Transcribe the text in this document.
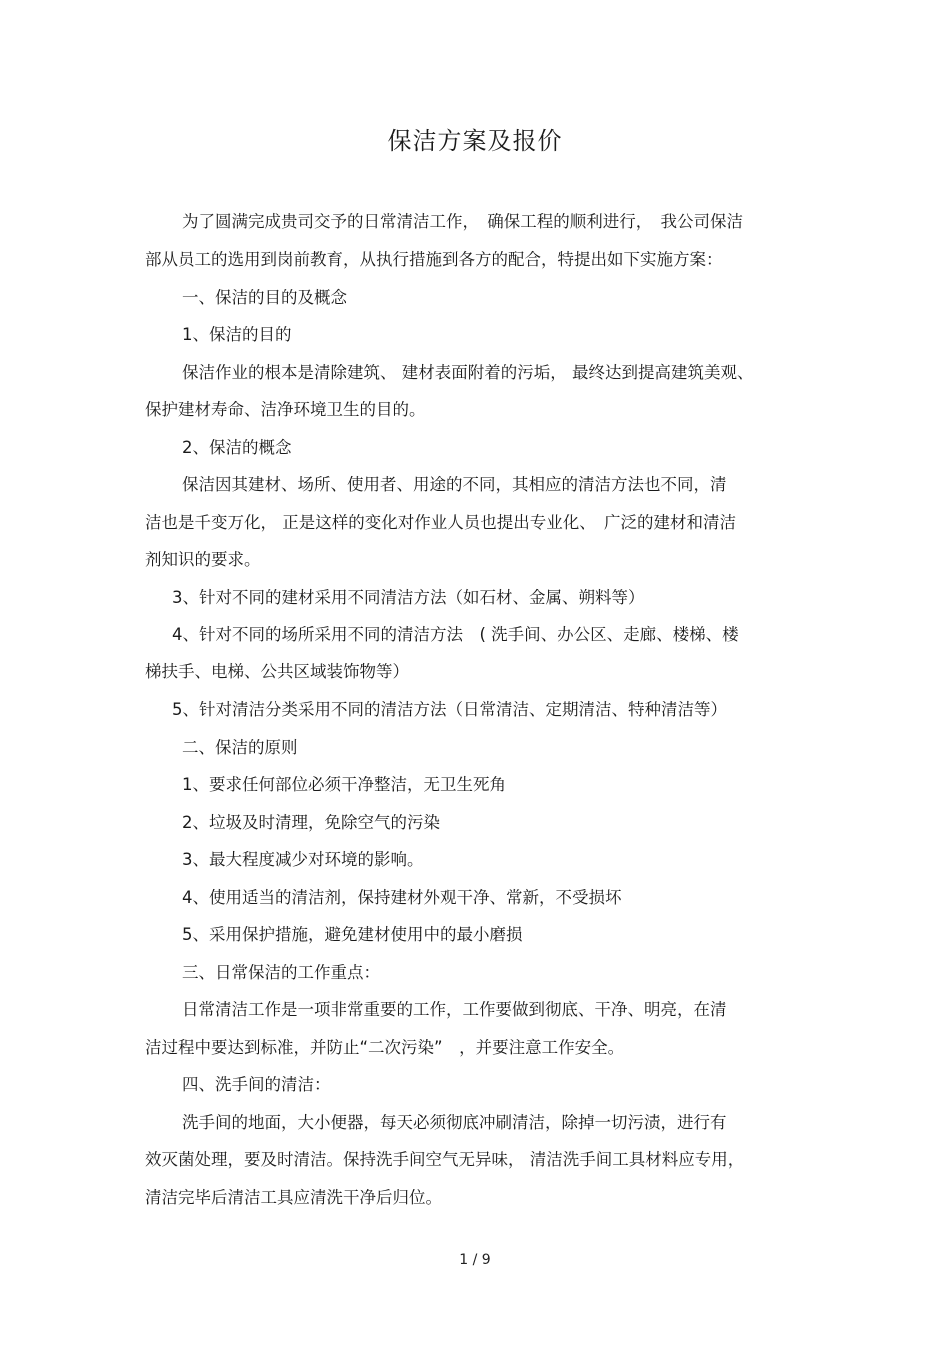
保洁方案及报价

为了圆满完成贵司交予的日常清洁工作，　确保工程的顺利进行，　我公司保洁

部从员工的选用到岗前教育，从执行措施到各方的配合，特提出如下实施方案：

一、保洁的目的及概念

1、保洁的目的

保洁作业的根本是清除建筑、 建材表面附着的污垢， 最终达到提高建筑美观、

保护建材寿命、洁净环境卫生的目的。

2、保洁的概念

保洁因其建材、场所、使用者、用途的不同，其相应的清洁方法也不同，清

洁也是千变万化， 正是这样的变化对作业人员也提出专业化、　广泛的建材和清洁

剂知识的要求。

3、针对不同的建材采用不同清洁方法（如石材、金属、朔料等）

4、针对不同的场所采用不同的清洁方法　( 洗手间、办公区、走廊、楼梯、楼

梯扶手、电梯、公共区域装饰物等）

5、针对清洁分类采用不同的清洁方法（日常清洁、定期清洁、特种清洁等）

二、保洁的原则

1、要求任何部位必须干净整洁，无卫生死角

2、垃圾及时清理，免除空气的污染

3、最大程度减少对环境的影响。

4、使用适当的清洁剂，保持建材外观干净、常新，不受损坏

5、采用保护措施，避免建材使用中的最小磨损

三、日常保洁的工作重点：

日常清洁工作是一项非常重要的工作，工作要做到彻底、干净、明亮，在清

洁过程中要达到标准，并防止“二次污染”　，并要注意工作安全。

四、洗手间的清洁：

洗手间的地面，大小便器，每天必须彻底冲刷清洁，除掉一切污渍，进行有

效灭菌处理，要及时清洁。保持洗手间空气无异味， 清洁洗手间工具材料应专用，

清洁完毕后清洁工具应清洗干净后归位。

1 / 9
